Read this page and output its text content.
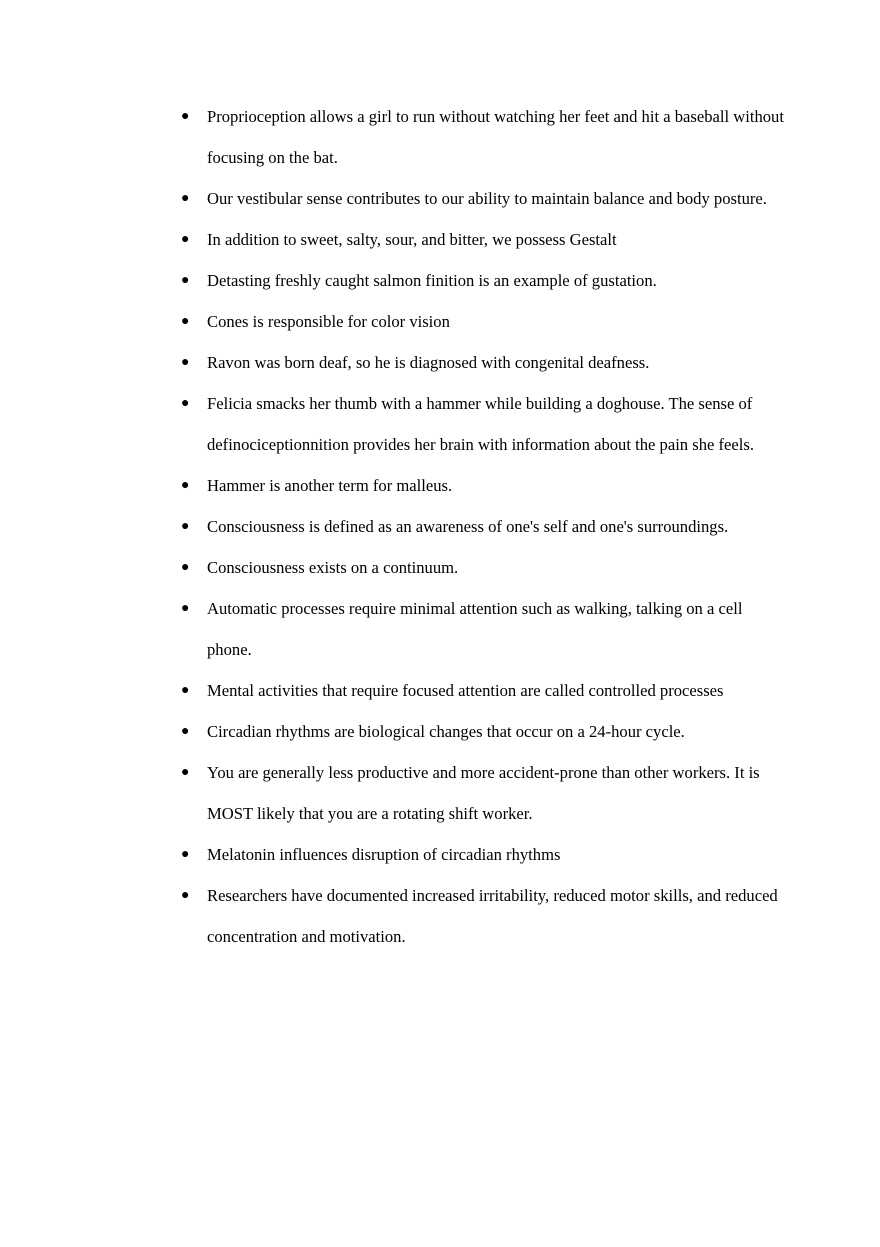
● Proprioception allows a girl to run without watching her feet and hit a baseball without focusing on the bat.
● Our vestibular sense contributes to our ability to maintain balance and body posture.
● In addition to sweet, salty, sour, and bitter, we possess Gestalt
● Detasting freshly caught salmon finition is an example of gustation.
● Cones is responsible for color vision
● Ravon was born deaf, so he is diagnosed with congenital deafness.
● Felicia smacks her thumb with a hammer while building a doghouse. The sense of definociceptionnition provides her brain with information about the pain she feels.
● Hammer is another term for malleus.
● Consciousness is defined as an awareness of one's self and one's surroundings.
● Consciousness exists on a continuum.
● Automatic processes require minimal attention such as walking, talking on a cell phone.
● Mental activities that require focused attention are called controlled processes
● Circadian rhythms are biological changes that occur on a 24-hour cycle.
● You are generally less productive and more accident-prone than other workers. It is MOST likely that you are a rotating shift worker.
● Melatonin influences disruption of circadian rhythms
● Researchers have documented increased irritability, reduced motor skills, and reduced concentration and motivation.
